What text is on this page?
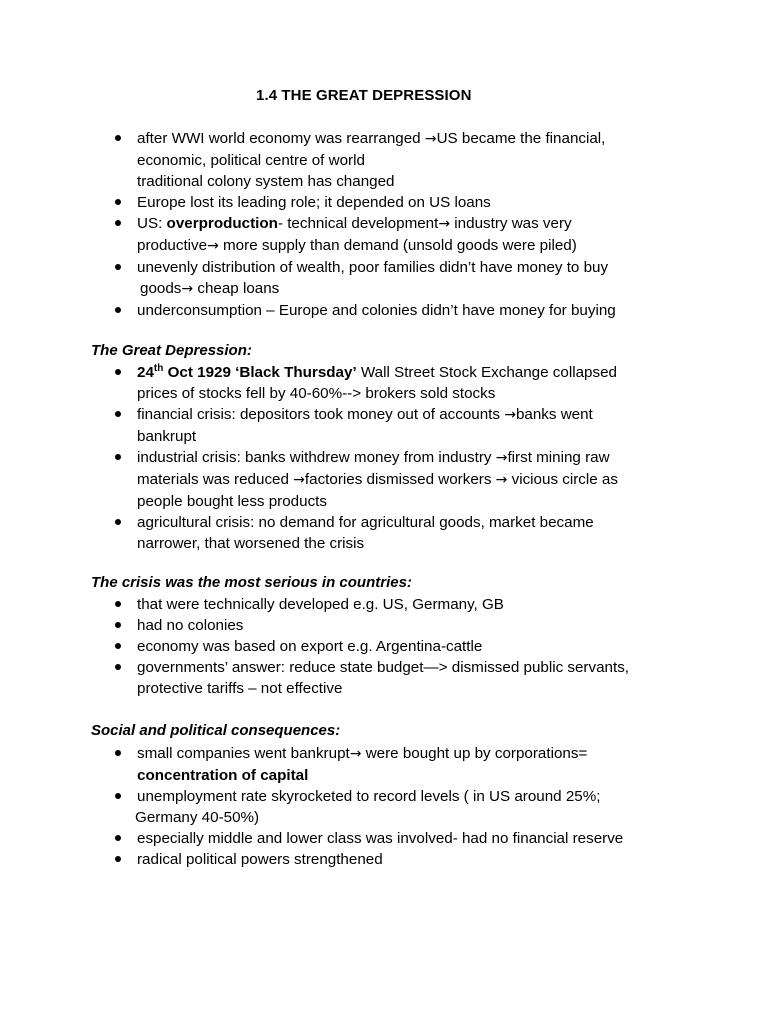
1.4 THE GREAT DEPRESSION
after WWI world economy was rearranged →US became the financial,
economic, political centre of world
traditional colony system has changed
Europe lost its leading role; it depended on US loans
US: overproduction- technical development→ industry was very
productive→ more supply than demand (unsold goods were piled)
unevenly distribution of wealth, poor families didn’t have money to buy
goods→ cheap loans
underconsumption – Europe and colonies didn’t have money for buying
The Great Depression:
24th Oct 1929 ‘Black Thursday’ Wall Street Stock Exchange collapsed
prices of stocks fell by 40-60%--> brokers sold stocks
financial crisis: depositors took money out of accounts →banks went
bankrupt
industrial crisis: banks withdrew money from industry →first mining raw
materials was reduced →factories dismissed workers → vicious circle as
people bought less products
agricultural crisis: no demand for agricultural goods, market became
narrower, that worsened the crisis
The crisis was the most serious in countries:
that were technically developed e.g. US, Germany, GB
had no colonies
economy was based on export e.g. Argentina-cattle
governments’ answer: reduce state budget—> dismissed public servants,
protective tariffs – not effective
Social and political consequences:
small companies went bankrupt→ were bought up by corporations=
concentration of capital
unemployment rate skyrocketed to record levels ( in US around 25%;
Germany 40-50%)
especially middle and lower class was involved- had no financial reserve
radical political powers strengthened
